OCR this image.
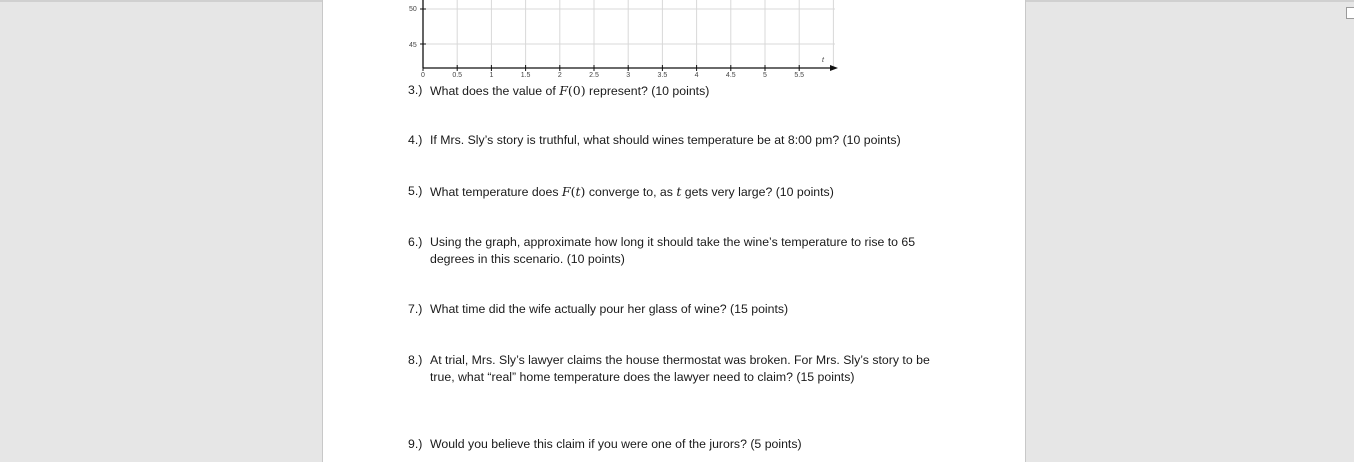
50
45
0	0.5	1	1.5	2	2.5	3	3.5	4	4.5	5	5.5
t
3.) What does the value of F(0) represent? (10 points)
4.) If Mrs. Sly’s story is truthful, what should wines temperature be at 8:00 pm? (10 points)
5.) What temperature does F(t) converge to, as t gets very large? (10 points)
6.) Using the graph, approximate how long it should take the wine’s temperature to rise to 65
degrees in this scenario. (10 points)
7.) What time did the wife actually pour her glass of wine? (15 points)
8.) At trial, Mrs. Sly’s lawyer claims the house thermostat was broken. For Mrs. Sly’s story to be
true, what “real” home temperature does the lawyer need to claim? (15 points)
9.) Would you believe this claim if you were one of the jurors? (5 points)
